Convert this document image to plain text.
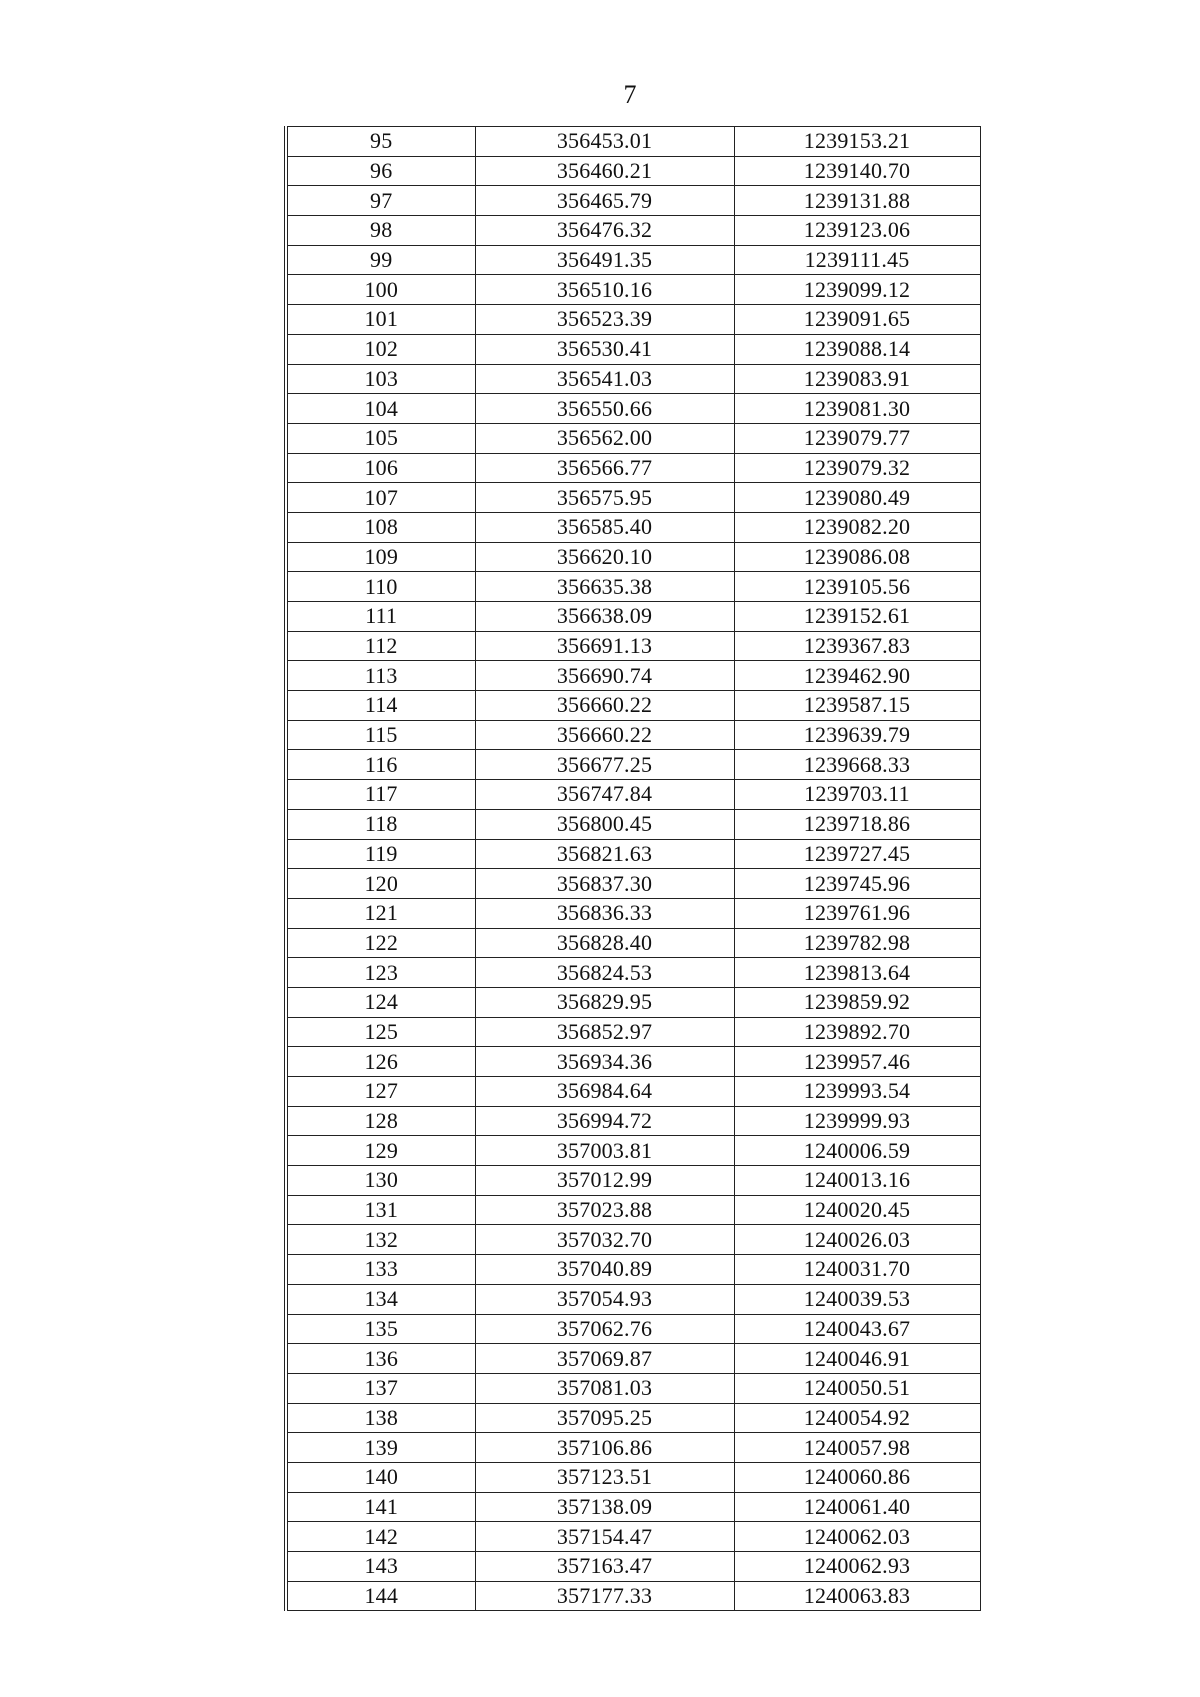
7
95	356453.01	1239153.21
96	356460.21	1239140.70
97	356465.79	1239131.88
98	356476.32	1239123.06
99	356491.35	1239111.45
100	356510.16	1239099.12
101	356523.39	1239091.65
102	356530.41	1239088.14
103	356541.03	1239083.91
104	356550.66	1239081.30
105	356562.00	1239079.77
106	356566.77	1239079.32
107	356575.95	1239080.49
108	356585.40	1239082.20
109	356620.10	1239086.08
110	356635.38	1239105.56
111	356638.09	1239152.61
112	356691.13	1239367.83
113	356690.74	1239462.90
114	356660.22	1239587.15
115	356660.22	1239639.79
116	356677.25	1239668.33
117	356747.84	1239703.11
118	356800.45	1239718.86
119	356821.63	1239727.45
120	356837.30	1239745.96
121	356836.33	1239761.96
122	356828.40	1239782.98
123	356824.53	1239813.64
124	356829.95	1239859.92
125	356852.97	1239892.70
126	356934.36	1239957.46
127	356984.64	1239993.54
128	356994.72	1239999.93
129	357003.81	1240006.59
130	357012.99	1240013.16
131	357023.88	1240020.45
132	357032.70	1240026.03
133	357040.89	1240031.70
134	357054.93	1240039.53
135	357062.76	1240043.67
136	357069.87	1240046.91
137	357081.03	1240050.51
138	357095.25	1240054.92
139	357106.86	1240057.98
140	357123.51	1240060.86
141	357138.09	1240061.40
142	357154.47	1240062.03
143	357163.47	1240062.93
144	357177.33	1240063.83
